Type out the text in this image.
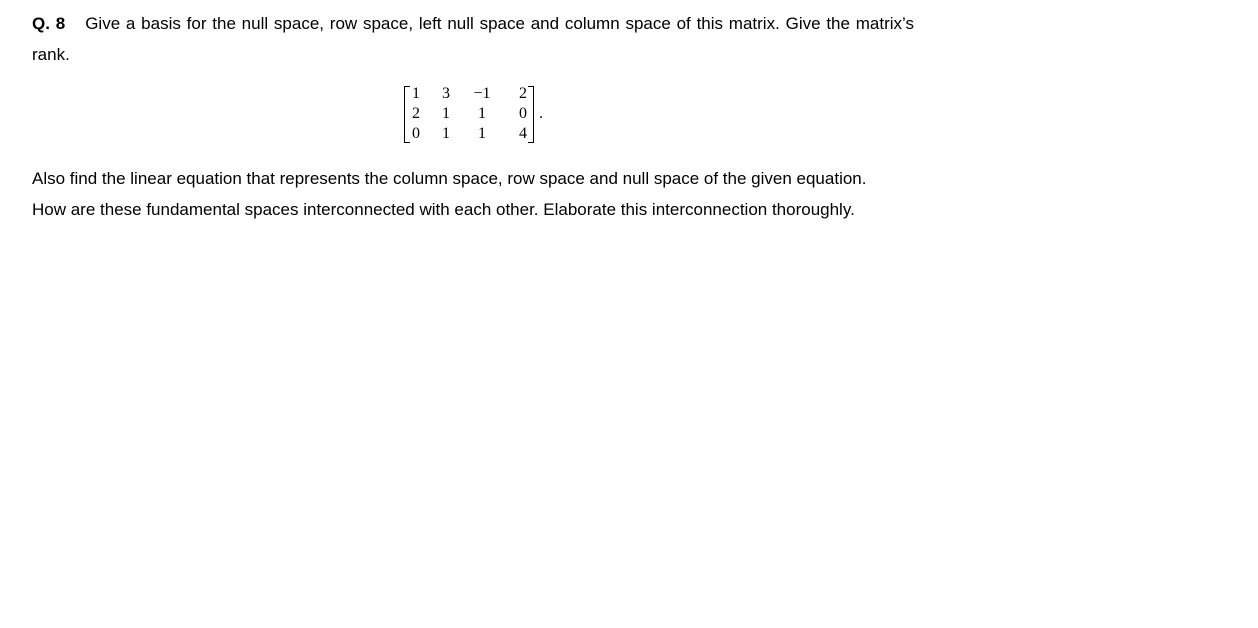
Q. 8 Give a basis for the null space, row space, left null space and column space of this matrix. Give the matrix’s rank.
1	3	−1	2
2	1	1	0
0	1	1	4
.

Also find the linear equation that represents the column space, row space and null space of the given equation.

How are these fundamental spaces interconnected with each other. Elaborate this interconnection thoroughly.
